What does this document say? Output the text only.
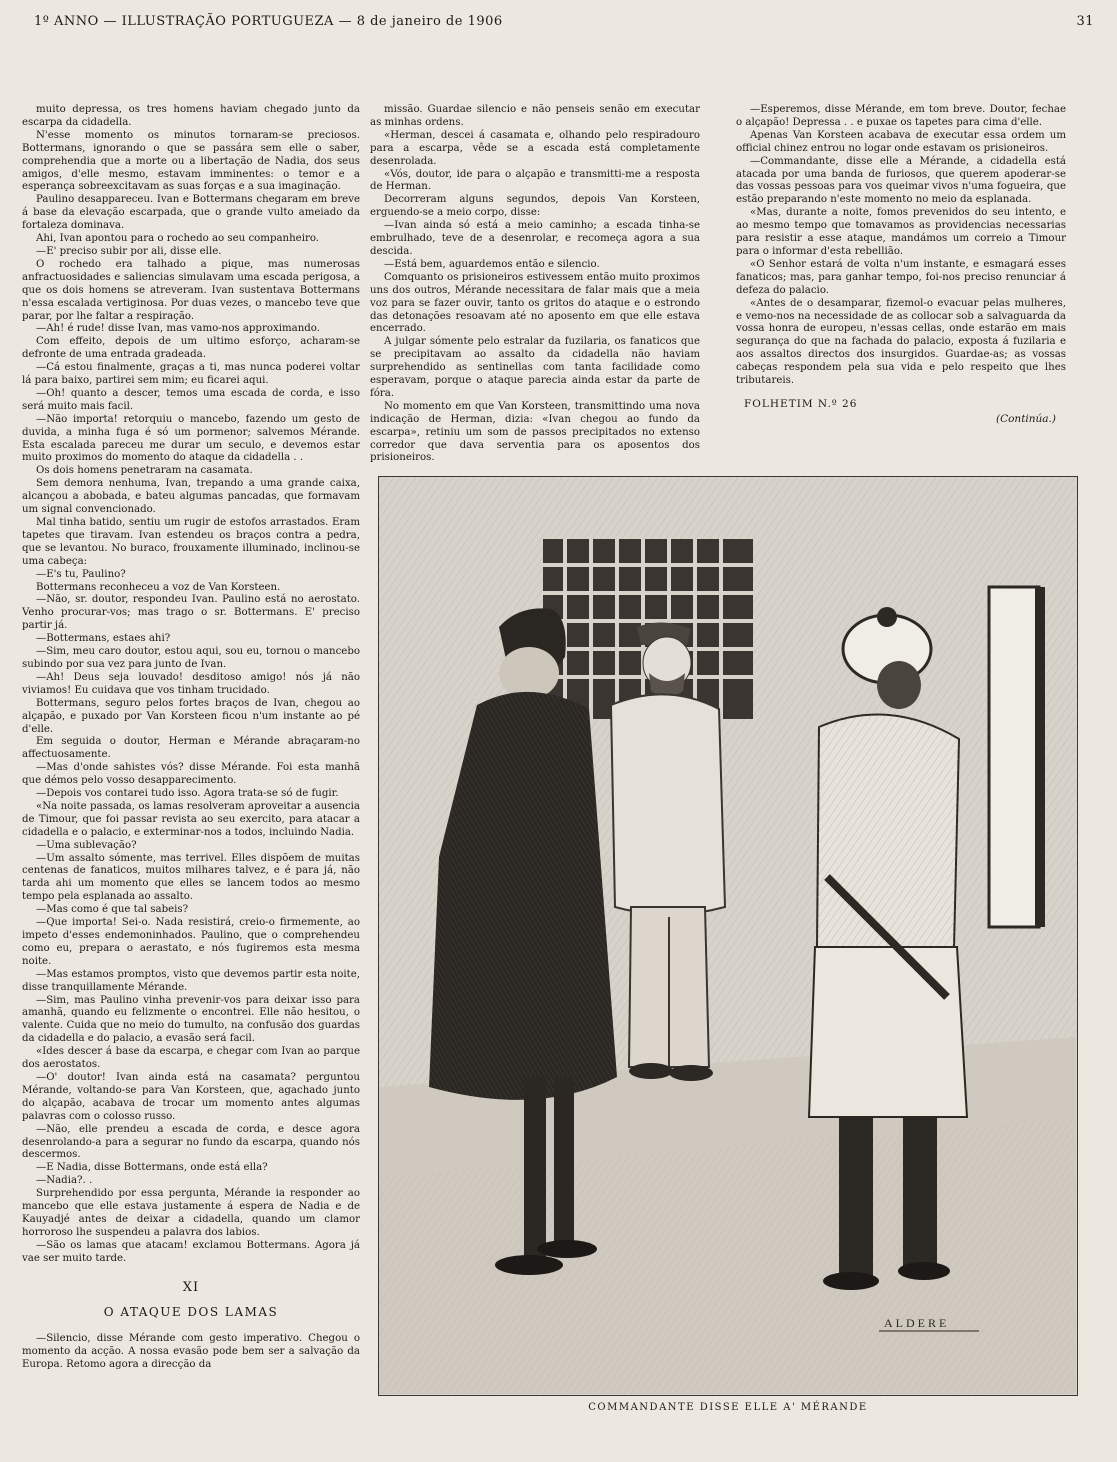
1º ANNO — ILLUSTRAÇÃO PORTUGUEZA — 8 de janeiro de 1906	31

muito depressa, os tres homens haviam chegado junto da escarpa da cidadella.

N'esse momento os minutos tornaram-se preciosos. Bottermans, ignorando o que se passára sem elle o saber, comprehendia que a morte ou a libertação de Nadia, dos seus amigos, d'elle mesmo, estavam imminentes: o temor e a esperança sobreexcitavam as suas forças e a sua imaginação.

Paulino desappareceu. Ivan e Bottermans chegaram em breve á base da elevação escarpada, que o grande vulto ameiado da fortaleza dominava.

Ahi, Ivan apontou para o rochedo ao seu companheiro.

—E' preciso subir por ali, disse elle.

O rochedo era talhado a pique, mas numerosas anfractuosidades e saliencias simulavam uma escada perigosa, a que os dois homens se atreveram. Ivan sustentava Bottermans n'essa escalada vertiginosa. Por duas vezes, o mancebo teve que parar, por lhe faltar a respiração.

—Ah! é rude! disse Ivan, mas vamo-nos approximando.

Com effeito, depois de um ultimo esforço, acharam-se defronte de uma entrada gradeada.

—Cá estou finalmente, graças a ti, mas nunca poderei voltar lá para baixo, partirei sem mim; eu ficarei aqui.

—Oh! quanto a descer, temos uma escada de corda, e isso será muito mais facil.

—Não importa! retorquiu o mancebo, fazendo um gesto de duvida, a minha fuga é só um pormenor; salvemos Mérande. Esta escalada pareceu me durar um seculo, e devemos estar muito proximos do momento do ataque da cidadella . .

Os dois homens penetraram na casamata.

Sem demora nenhuma, Ivan, trepando a uma grande caixa, alcançou a abobada, e bateu algumas pancadas, que formavam um signal convencionado.

Mal tinha batido, sentiu um rugir de estofos arrastados. Eram tapetes que tiravam. Ivan estendeu os braços contra a pedra, que se levantou. No buraco, frouxamente illuminado, inclinou-se uma cabeça:

—E's tu, Paulino?

Bottermans reconheceu a voz de Van Korsteen.

—Não, sr. doutor, respondeu Ivan. Paulino está no aerostato. Venho procurar-vos; mas trago o sr. Bottermans. E' preciso partir já.

—Bottermans, estaes ahi?

—Sim, meu caro doutor, estou aqui, sou eu, tornou o mancebo subindo por sua vez para junto de Ivan.

—Ah! Deus seja louvado! desditoso amigo! nós já não viviamos! Eu cuidava que vos tinham trucidado.

Bottermans, seguro pelos fortes braços de Ivan, chegou ao alçapão, e puxado por Van Korsteen ficou n'um instante ao pé d'elle.

Em seguida o doutor, Herman e Mérande abraçaram-no affectuosamente.

—Mas d'onde sahistes vós? disse Mérande. Foi esta manhã que démos pelo vosso desapparecimento.

—Depois vos contarei tudo isso. Agora trata-se só de fugir.

«Na noite passada, os lamas resolveram aproveitar a ausencia de Timour, que foi passar revista ao seu exercito, para atacar a cidadella e o palacio, e exterminar-nos a todos, incluindo Nadia.

—Uma sublevação?

—Um assalto sómente, mas terrivel. Elles dispõem de muitas centenas de fanaticos, muitos milhares talvez, e é para já, não tarda ahi um momento que elles se lancem todos ao mesmo tempo pela esplanada ao assalto.

—Mas como é que tal sabeis?

—Que importa! Sei-o. Nada resistirá, creio-o firmemente, ao impeto d'esses endemoninhados. Paulino, que o comprehendeu como eu, prepara o aerastato, e nós fugiremos esta mesma noite.

—Mas estamos promptos, visto que devemos partir esta noite, disse tranquillamente Mérande.

—Sim, mas Paulino vinha prevenir-vos para deixar isso para amanhã, quando eu felizmente o encontrei. Elle não hesitou, o valente. Cuida que no meio do tumulto, na confusão dos guardas da cidadella e do palacio, a evasão será facil.

«Ides descer á base da escarpa, e chegar com Ivan ao parque dos aerostatos.

—O' doutor! Ivan ainda está na casamata? perguntou Mérande, voltando-se para Van Korsteen, que, agachado junto do alçapão, acabava de trocar um momento antes algumas palavras com o colosso russo.

—Não, elle prendeu a escada de corda, e desce agora desenrolando-a para a segurar no fundo da escarpa, quando nós descermos.

—E Nadia, disse Bottermans, onde está ella?

—Nadia?. .

Surprehendido por essa pergunta, Mérande ia responder ao mancebo que elle estava justamente á espera de Nadia e de Kauyadjé antes de deixar a cidadella, quando um clamor horroroso lhe suspendeu a palavra dos labios.

—São os lamas que atacam! exclamou Bottermans. Agora já vae ser muito tarde.

XI
O ATAQUE DOS LAMAS

—Silencio, disse Mérande com gesto imperativo. Chegou o momento da acção. A nossa evasão pode bem ser a salvação da Europa. Retomo agora a direcção da

missão. Guardae silencio e não penseis senão em executar as minhas ordens.

«Herman, descei á casamata e, olhando pelo respiradouro para a escarpa, vêde se a escada está completamente desenrolada.

«Vós, doutor, ide para o alçapão e transmitti-me a resposta de Herman.

Decorreram alguns segundos, depois Van Korsteen, erguendo-se a meio corpo, disse:

—Ivan ainda só está a meio caminho; a escada tinha-se embrulhado, teve de a desenrolar, e recomeça agora a sua descida.

—Está bem, aguardemos então e silencio.

Comquanto os prisioneiros estivessem então muito proximos uns dos outros, Mérande necessitara de falar mais que a meia voz para se fazer ouvir, tanto os gritos do ataque e o estrondo das detonações resoavam até no aposento em que elle estava encerrado.

A julgar sómente pelo estralar da fuzilaria, os fanaticos que se precipitavam ao assalto da cidadella não haviam surprehendido as sentinellas com tanta facilidade como esperavam, porque o ataque parecia ainda estar da parte de fóra.

No momento em que Van Korsteen, transmittindo uma nova indicação de Herman, dizia: «Ivan chegou ao fundo da escarpa», retiniu um som de passos precipitados no extenso corredor que dava serventia para os aposentos dos prisioneiros.

—Esperemos, disse Mérande, em tom breve. Doutor, fechae o alçapão! Depressa . . e puxae os tapetes para cima d'elle.

Apenas Van Korsteen acabava de executar essa ordem um official chinez entrou no logar onde estavam os prisioneiros.

—Commandante, disse elle a Mérande, a cidadella está atacada por uma banda de furiosos, que querem apoderar-se das vossas pessoas para vos queimar vivos n'uma fogueira, que estão preparando n'este momento no meio da esplanada.

«Mas, durante a noite, fomos prevenidos do seu intento, e ao mesmo tempo que tomavamos as providencias necessarias para resistir a esse ataque, mandámos um correio a Timour para o informar d'esta rebellião.

«O Senhor estará de volta n'um instante, e esmagará esses fanaticos; mas, para ganhar tempo, foi-nos preciso renunciar á defeza do palacio.

«Antes de o desamparar, fizemol-o evacuar pelas mulheres, e vemo-nos na necessidade de as collocar sob a salvaguarda da vossa honra de europeu, n'essas cellas, onde estarão em mais segurança do que na fachada do palacio, exposta á fuzilaria e aos assaltos directos dos insurgidos. Guardae-as; as vossas cabeças respondem pela sua vida e pelo respeito que lhes tributareis.

FOLHETIM N.º 26
(Continúa.)
ALDERE
COMMANDANTE DISSE ELLE A' MÉRANDE
